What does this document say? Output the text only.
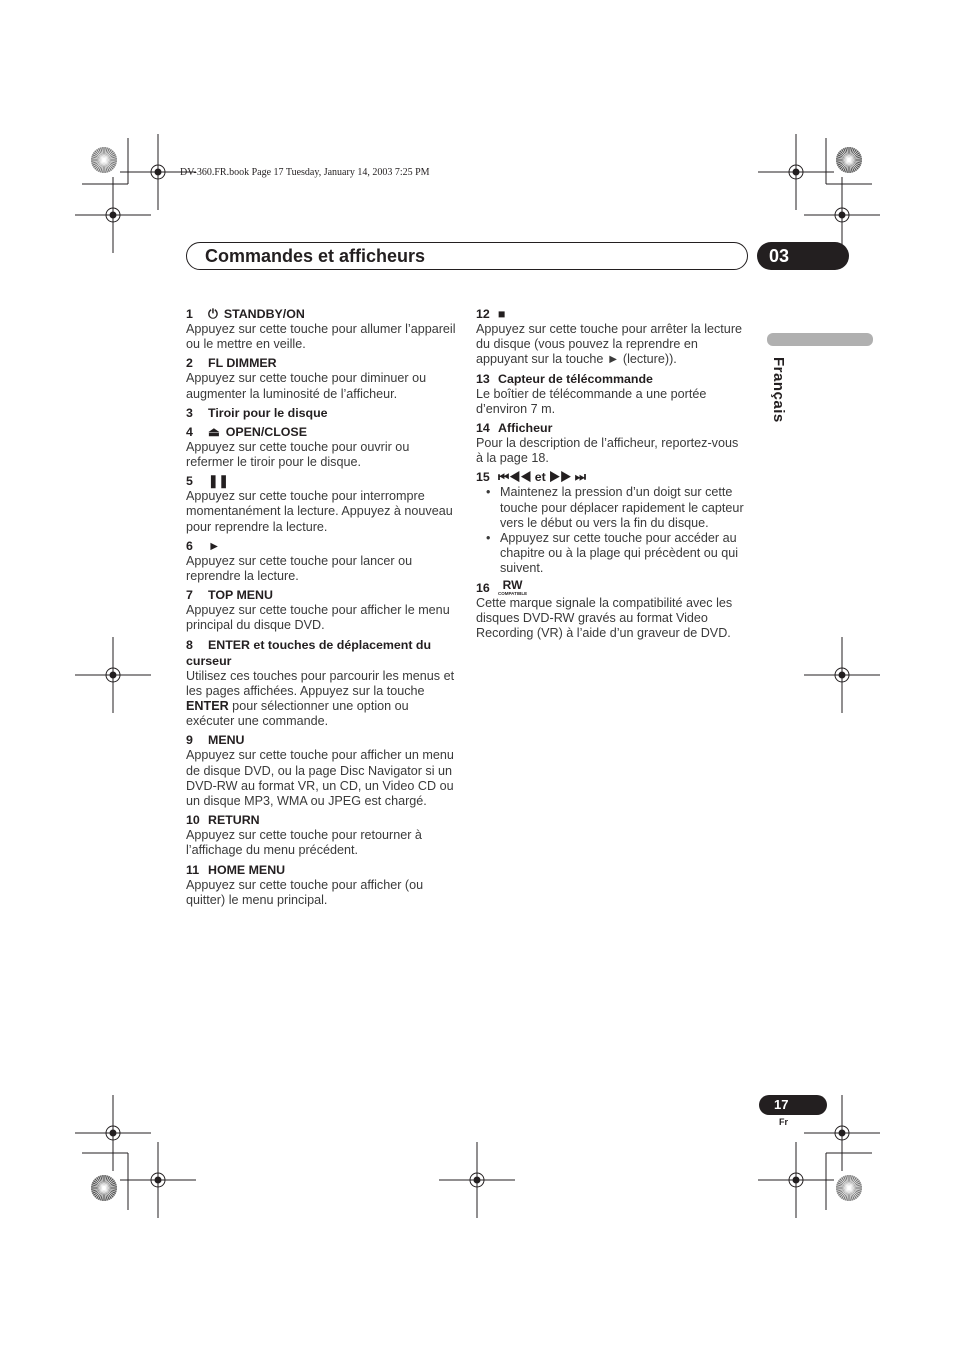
DV-360.FR.book Page 17 Tuesday, January 14, 2003 7:25 PM
Commandes et afficheurs	03
Français
1 ⏻ STANDBY/ON
Appuyez sur cette touche pour allumer l’appareil ou le mettre en veille.
2 FL DIMMER
Appuyez sur cette touche pour diminuer ou augmenter la luminosité de l’afficheur.
3 Tiroir pour le disque
4 ⏏ OPEN/CLOSE
Appuyez sur cette touche pour ouvrir ou refermer le tiroir pour le disque.
5 ❚❚
Appuyez sur cette touche pour interrompre momentanément la lecture. Appuyez à nouveau pour reprendre la lecture.
6 ►
Appuyez sur cette touche pour lancer ou reprendre la lecture.
7 TOP MENU
Appuyez sur cette touche pour afficher le menu principal du disque DVD.
8 ENTER et touches de déplacement du curseur
Utilisez ces touches pour parcourir les menus et les pages affichées. Appuyez sur la touche ENTER pour sélectionner une option ou exécuter une commande.
9 MENU
Appuyez sur cette touche pour afficher un menu de disque DVD, ou la page Disc Navigator si un DVD-RW au format VR, un CD, un Video CD ou un disque MP3, WMA ou JPEG est chargé.
10 RETURN
Appuyez sur cette touche pour retourner à l’affichage du menu précédent.
11 HOME MENU
Appuyez sur cette touche pour afficher (ou quitter) le menu principal.
12 ■
Appuyez sur cette touche pour arrêter la lecture du disque (vous pouvez la reprendre en appuyant sur la touche ► (lecture)).
13 Capteur de télécommande
Le boîtier de télécommande a une portée d’environ 7 m.
14 Afficheur
Pour la description de l’afficheur, reportez-vous à la page 18.
15 ⏮◀◀ et ▶▶ ⏭
• Maintenez la pression d’un doigt sur cette touche pour déplacer rapidement le capteur vers le début ou vers la fin du disque.
• Appuyez sur cette touche pour accéder au chapitre ou à la plage qui précèdent ou qui suivent.
16	RW
COMPATIBLE
Cette marque signale la compatibilité avec les disques DVD-RW gravés au format Video Recording (VR) à l’aide d’un graveur de DVD.
17
Fr
